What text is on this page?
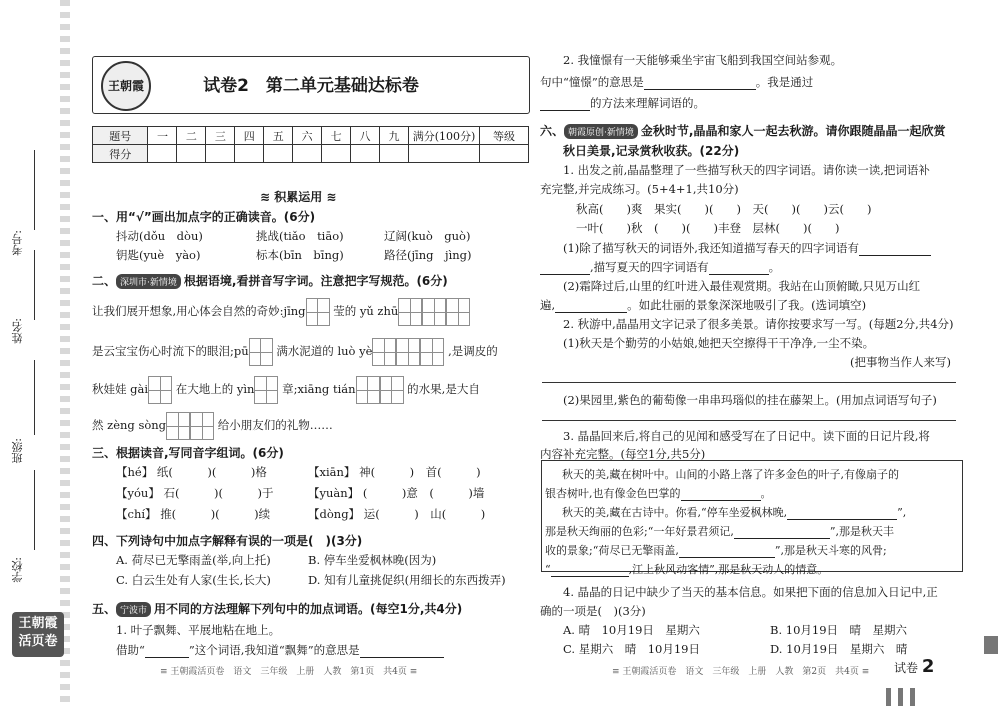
考号:
姓名:
班级:
学校:
王朝霞
活页卷
王朝霞	试卷2　第二单元基础达标卷
题号	一	二	三	四	五	六	七	八	九	满分(100分)	等级
得分											
≋ 积累运用 ≋
一、用“√”画出加点字的正确读音。(6分)
抖动(dǒu　dòu)	挑战(tiǎo　tiāo)	辽阔(kuò　guò)
钥匙(yuè　yào)	标本(bīn　bīng)	路径(jīng　jìng)
二、 深圳市·新情境 根据语境,看拼音写字词。注意把字写规范。(6分)
让我们展开想象,用心体会自然的奇妙:jīng 莹的 yǔ zhū
是云宝宝伤心时流下的眼泪;pū 满水泥道的 luò yè	,是调皮的
秋娃娃 gài 在大地上的 yìn 章;xiāng tián	的水果,是大自
然 zèng sòng	给小朋友们的礼物……
三、根据读音,写同音字组词。(6分)
【hé】 纸(　　　	)(　　　	)格	【xiān】 神(　　　	)　 首(　　　)
【yóu】 石(　　　	)(　　　	)于	【yuàn】 (　　　	)意　 (　　　	)墙
【chí】 推(　　　	)(　　　	)续	【dòng】 运(　　　	)　 山(　　　)
四、下列诗句中加点字解释有误的一项是(　)(3分)
A. 荷尽已无擎雨盖(举,向上托)	B. 停车坐爱枫林晚(因为)
C. 白云生处有人家(生长,长大)	D. 知有儿童挑促织(用细长的东西拨弄)
五、 宁波市 用不同的方法理解下列句中的加点词语。(每空1分,共4分)
1. 叶子飘舞、平展地粘在地上。
借助“	”这个词语,我知道“飘舞”的意思是
≡ 王朝霞活页卷　语文　三年级　上册　人教　第1页　共4页 ≡
2. 我憧憬有一天能够乘坐宇宙飞船到我国空间站参观。
句中“憧憬”的意思是	。我是通过
的方法来理解词语的。
六、 朝霞原创·新情境 金秋时节,晶晶和家人一起去秋游。请你跟随晶晶一起欣赏
秋日美景,记录赏秋收获。(22分)
1. 出发之前,晶晶整理了一些描写秋天的四字词语。请你读一读,把词语补
充完整,并完成练习。(5+4+1,共10分)
秋高(　　 )爽　 果实(　　 )(　　 )　 天(　　 )(　　 )云(　　 )
一叶(　　 )秋　 (　　 )(　　 )丰登　 层林(　　 )(　　 )
(1)除了描写秋天的词语外,我还知道描写春天的四字词语有
,描写夏天的四字词语有	。
(2)霜降过后,山里的红叶进入最佳观赏期。我站在山顶俯瞰,只见万山红
遍,	。如此壮丽的景象深深地吸引了我。(选词填空)
2. 秋游中,晶晶用文字记录了很多美景。请你按要求写一写。(每题2分,共4分)
(1)秋天是个勤劳的小姑娘,她把天空擦得干干净净,一尘不染。
(把事物当作人来写)
(2)果园里,紫色的葡萄像一串串玛瑙似的挂在藤架上。(用加点词语写句子)
3. 晶晶回来后,将自己的见闻和感受写在了日记中。读下面的日记片段,将
内容补充完整。(每空1分,共5分)
秋天的美,藏在树叶中。山间的小路上落了许多金色的叶子,有像扇子的
银杏树叶,也有像金色巴掌的	。
秋天的美,藏在古诗中。你看,“停车坐爱枫林晚,	”,
那是秋天绚丽的色彩;“一年好景君须记,	”,那是秋天丰
收的景象;“荷尽已无擎雨盖,	”,那是秋天斗寒的风骨;
“	,江上秋风动客情”,那是秋天动人的情意。
4. 晶晶的日记中缺少了当天的基本信息。如果把下面的信息加入日记中,正
确的一项是(　)(3分)
A. 晴　10月19日　星期六	B. 10月19日　晴　星期六
C. 星期六　晴　10月19日	D. 10月19日　星期六　晴
≡ 王朝霞活页卷　语文　三年级　上册　人教　第2页　共4页 ≡ 试卷 2
